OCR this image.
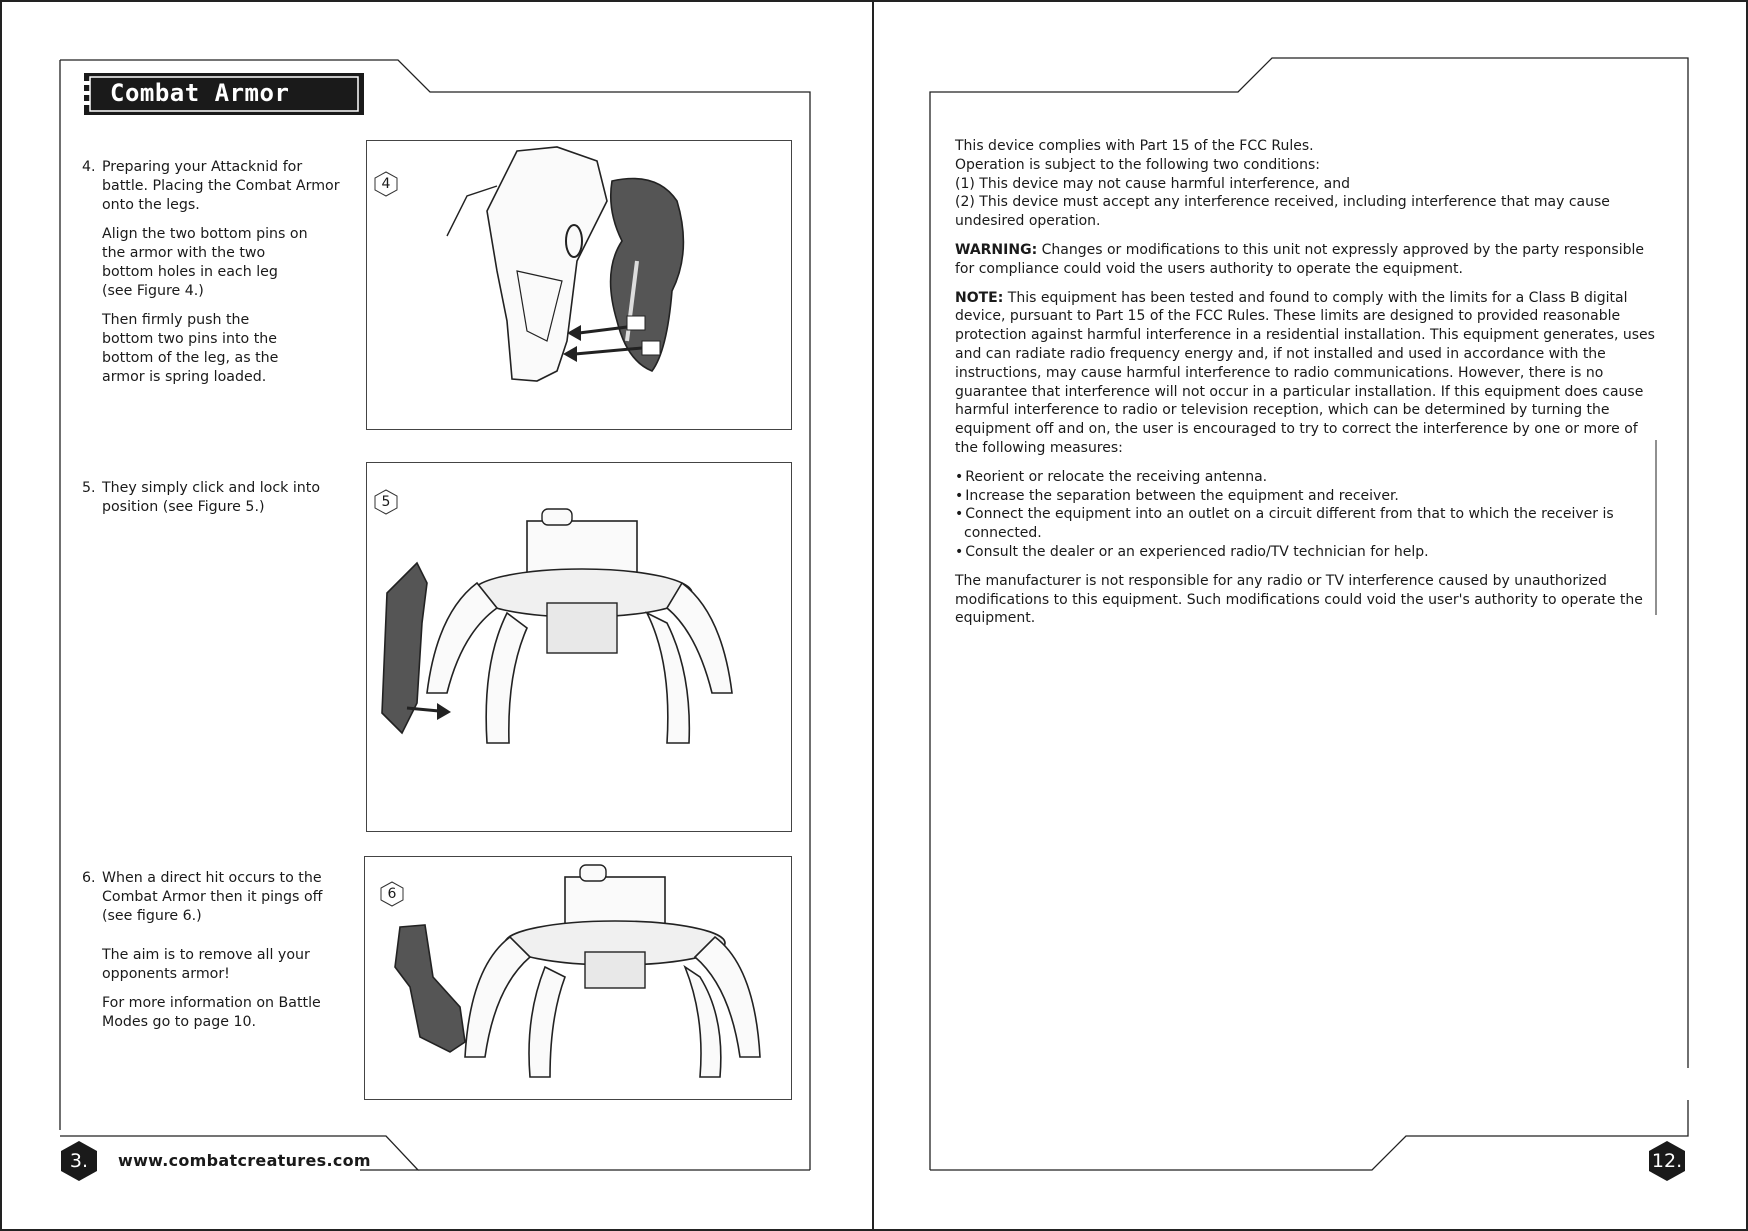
Combat Armor
4. Preparing your Attacknid for battle. Placing the Combat Armor onto the legs.

Align the two bottom pins on the armor with the two bottom holes in each leg (see Figure 4.)

Then firmly push the bottom two pins into the bottom of the leg, as the armor is spring loaded.

4
5. They simply click and lock into position (see Figure 5.)	5
6. When a direct hit occurs to the Combat Armor then it pings off (see figure 6.)

The aim is to remove all your opponents armor!

For more information on Battle Modes go to page 10.

6
3.	www.combatcreatures.com

This device complies with Part 15 of the FCC Rules.
Operation is subject to the following two conditions:
(1) This device may not cause harmful interference, and
(2) This device must accept any interference received, including interference that may cause undesired operation.

WARNING: Changes or modifications to this unit not expressly approved by the party responsible for compliance could void the users authority to operate the equipment.

NOTE: This equipment has been tested and found to comply with the limits for a Class B digital device, pursuant to Part 15 of the FCC Rules. These limits are designed to provided reasonable protection against harmful interference in a residential installation. This equipment generates, uses and can radiate radio frequency energy and, if not installed and used in accordance with the instructions, may cause harmful interference to radio communications. However, there is no guarantee that interference will not occur in a particular installation. If this equipment does cause harmful interference to radio or television reception, which can be determined by turning the equipment off and on, the user is encouraged to try to correct the interference by one or more of the following measures:

• Reorient or relocate the receiving antenna.
• Increase the separation between the equipment and receiver.
• Connect the equipment into an outlet on a circuit different from that to which the receiver is connected.
• Consult the dealer or an experienced radio/TV technician for help.

The manufacturer is not responsible for any radio or TV interference caused by unauthorized modifications to this equipment. Such modifications could void the user's authority to operate the equipment.

12.
